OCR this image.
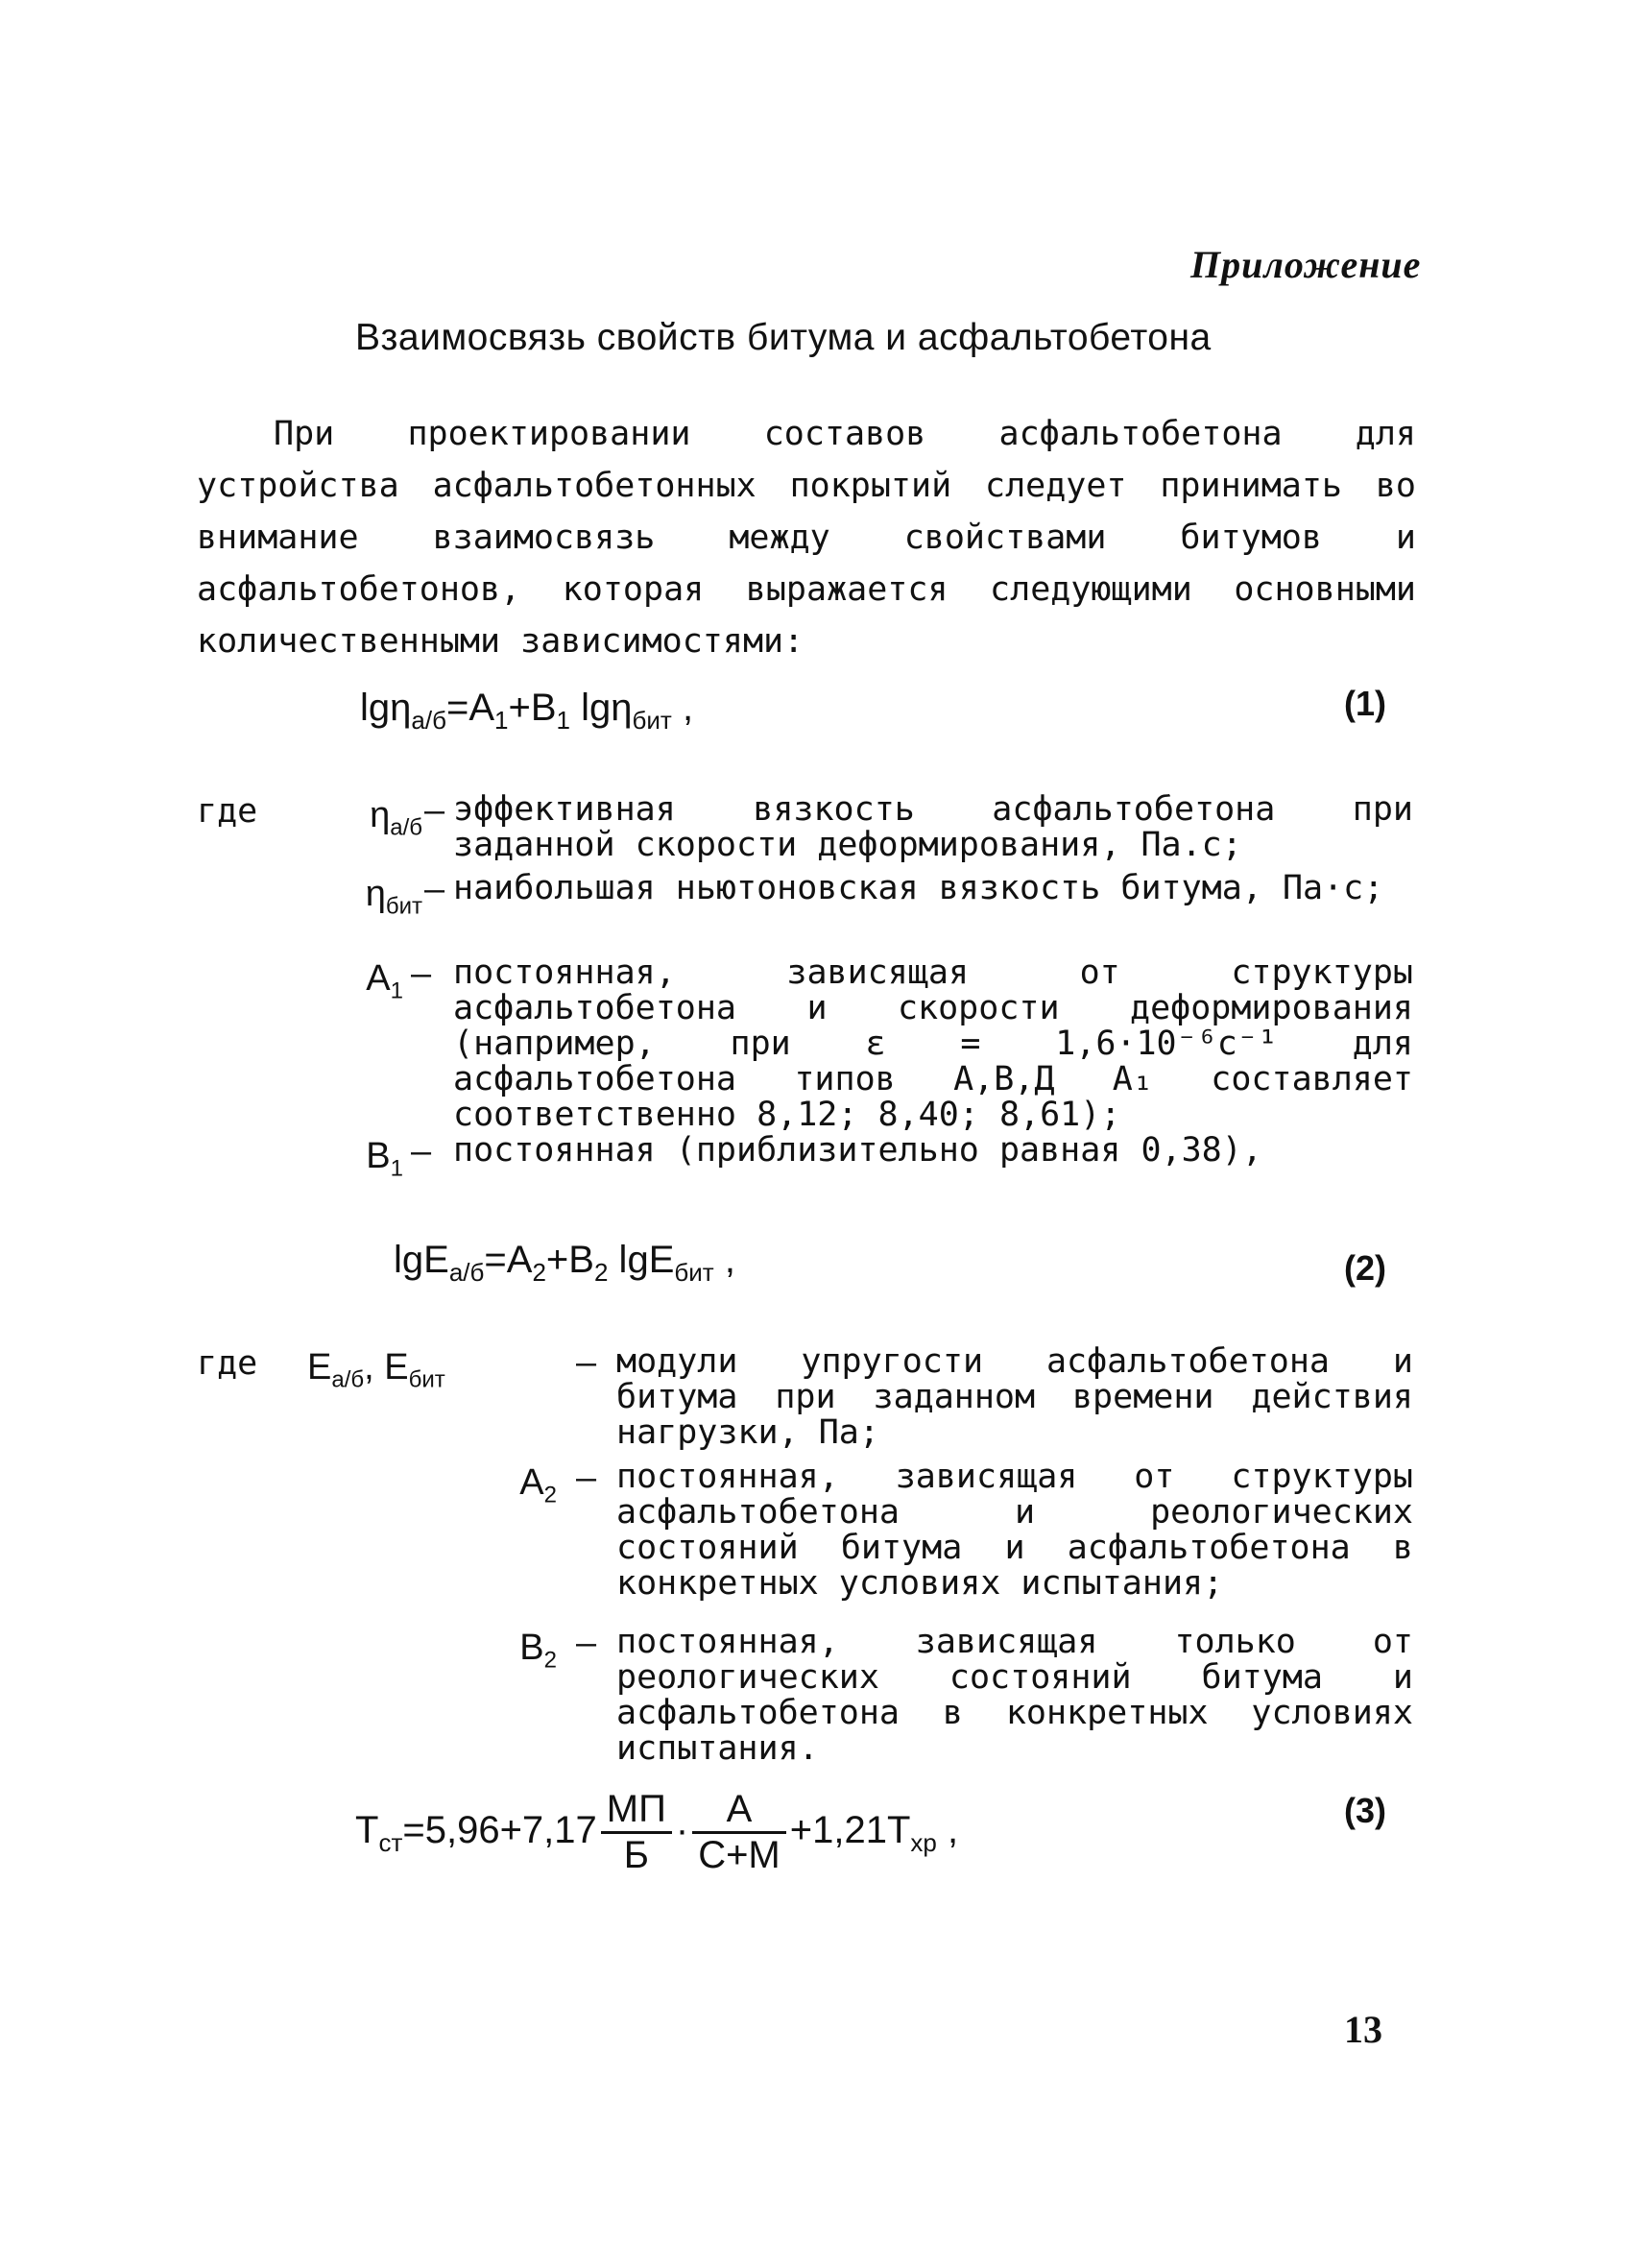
Приложение

Взаимосвязь свойств битума и асфальтобетона

При проектировании составов асфальтобетона для устройства асфальтобетонных покрытий следует принимать во внимание взаимосвязь между свойствами битумов и асфальтобетонов, которая выражается следующими основными количественными зависимостями:

$\lg\eta_{a/б}=A_1+B_1$ lgη$_{бит}$ ,	(1)
где	$\eta_{a/б}$ – эффективная вязкость асфальтобетона при заданной скорости деформирования, Па.с;

$\eta_{бит}$ – наибольшая ньютоновская вязкость битума, Па·с;

$A_1$ – постоянная, зависящая от структуры асфальтобетона и скорости деформирования (например, при ε = 1,6·10⁻⁶с⁻¹ для асфальтобетона типов А,В,Д A₁ составляет соответственно 8,12; 8,40; 8,61);

$B_1$ – постоянная (приблизительно равная 0,38),

$\lg E_{a/б}=A_2+B_2$ lgE$_{бит}$ ,	(2)
где $E_{a/б}$, $E_{бит}$	– модули упругости асфальтобетона и битума при заданном времени действия нагрузки, Па;

$A_2$ – постоянная, зависящая от структуры асфальтобетона и реологических состояний битума и асфальтобетона в конкретных условиях испытания;

$B_2$ – постоянная, зависящая только от реологических состояний битума и асфальтобетона в конкретных условиях испытания.

$T_{ст}=5,96+7,17 \frac{МП}{Б} \cdot \frac{А}{С+М} +1,21T_{хр}$ ,	(3)
13
